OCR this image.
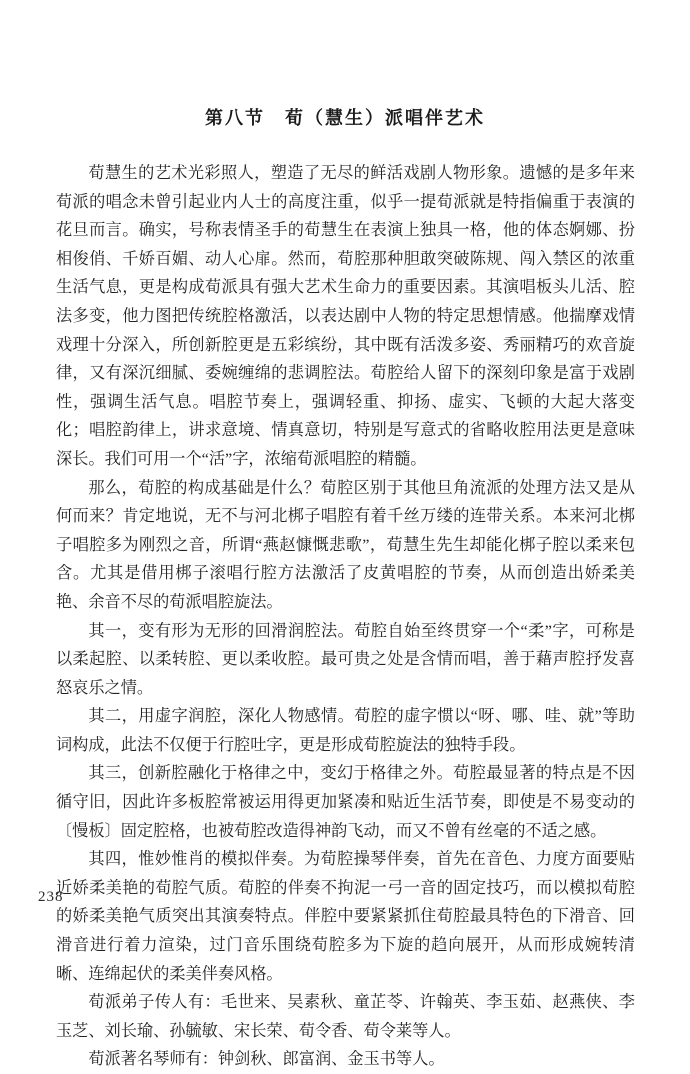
第八节　荀（慧生）派唱伴艺术

荀慧生的艺术光彩照人，塑造了无尽的鲜活戏剧人物形象。遗憾的是多年来荀派的唱念未曾引起业内人士的高度注重，似乎一提荀派就是特指偏重于表演的花旦而言。确实，号称表情圣手的荀慧生在表演上独具一格，他的体态婀娜、扮相俊俏、千娇百媚、动人心扉。然而，荀腔那种胆敢突破陈规、闯入禁区的浓重生活气息，更是构成荀派具有强大艺术生命力的重要因素。其演唱板头儿活、腔法多变，他力图把传统腔格激活，以表达剧中人物的特定思想情感。他揣摩戏情戏理十分深入，所创新腔更是五彩缤纷，其中既有活泼多姿、秀丽精巧的欢音旋律，又有深沉细腻、委婉缠绵的悲调腔法。荀腔给人留下的深刻印象是富于戏剧性，强调生活气息。唱腔节奏上，强调轻重、抑扬、虚实、飞顿的大起大落变化；唱腔韵律上，讲求意境、情真意切，特别是写意式的省略收腔用法更是意味深长。我们可用一个“活”字，浓缩荀派唱腔的精髓。

那么，荀腔的构成基础是什么？荀腔区别于其他旦角流派的处理方法又是从何而来？肯定地说，无不与河北梆子唱腔有着千丝万缕的连带关系。本来河北梆子唱腔多为刚烈之音，所谓“燕赵慷慨悲歌”，荀慧生先生却能化梆子腔以柔来包含。尤其是借用梆子滚唱行腔方法激活了皮黄唱腔的节奏，从而创造出娇柔美艳、余音不尽的荀派唱腔旋法。

其一，变有形为无形的回滑润腔法。荀腔自始至终贯穿一个“柔”字，可称是以柔起腔、以柔转腔、更以柔收腔。最可贵之处是含情而唱，善于藉声腔抒发喜怒哀乐之情。

其二，用虚字润腔，深化人物感情。荀腔的虚字惯以“呀、哪、哇、就”等助词构成，此法不仅便于行腔吐字，更是形成荀腔旋法的独特手段。

其三，创新腔融化于格律之中，变幻于格律之外。荀腔最显著的特点是不因循守旧，因此许多板腔常被运用得更加紧凑和贴近生活节奏，即使是不易变动的〔慢板〕固定腔格，也被荀腔改造得神韵飞动，而又不曾有丝毫的不适之感。

其四，惟妙惟肖的模拟伴奏。为荀腔操琴伴奏，首先在音色、力度方面要贴近娇柔美艳的荀腔气质。荀腔的伴奏不拘泥一弓一音的固定技巧，而以模拟荀腔的娇柔美艳气质突出其演奏特点。伴腔中要紧紧抓住荀腔最具特色的下滑音、回滑音进行着力渲染，过门音乐围绕荀腔多为下旋的趋向展开，从而形成婉转清晰、连绵起伏的柔美伴奏风格。

荀派弟子传人有：毛世来、吴素秋、童芷苓、许翰英、李玉茹、赵燕侠、李玉芝、刘长瑜、孙毓敏、宋长荣、荀令香、荀令莱等人。

荀派著名琴师有：钟剑秋、郎富润、金玉书等人。

238
